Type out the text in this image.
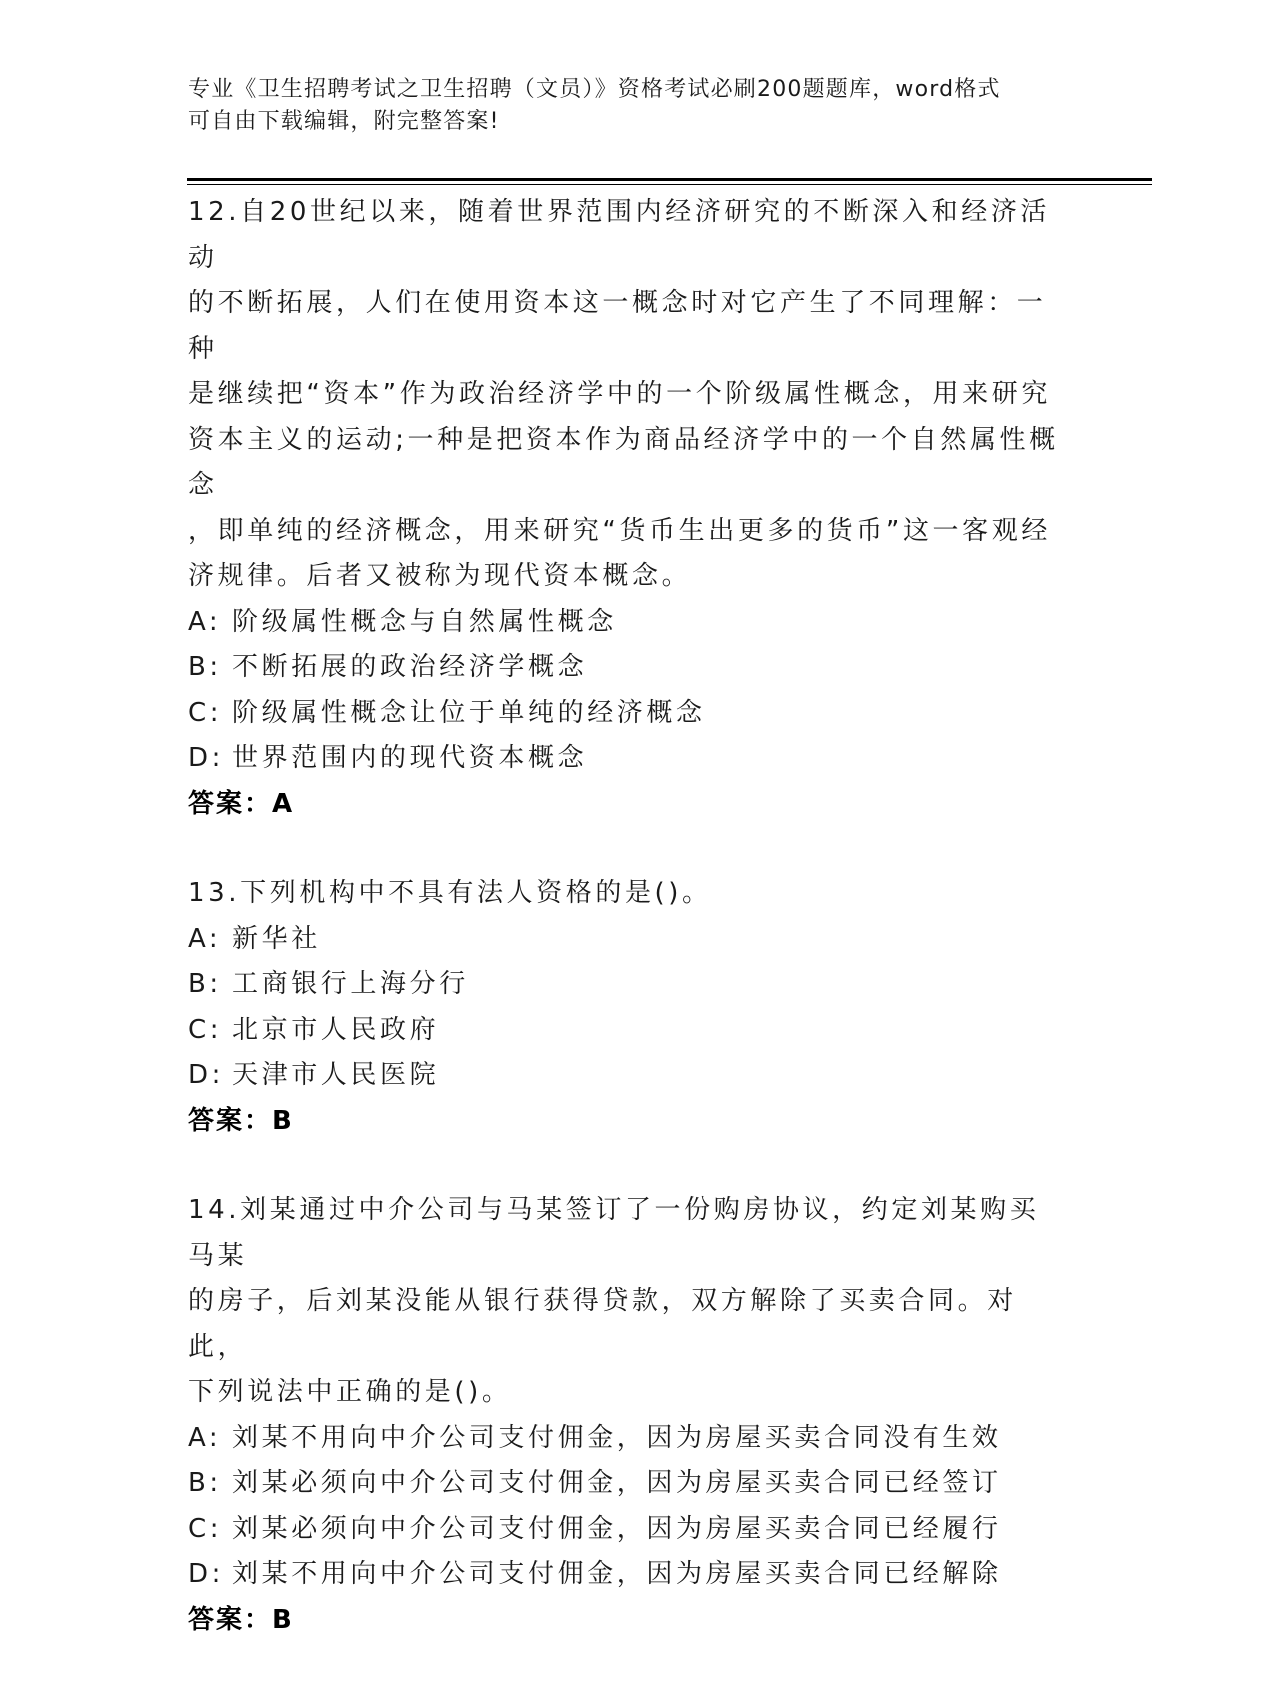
专业《卫生招聘考试之卫生招聘（文员）》资格考试必刷200题题库，word格式
可自由下载编辑，附完整答案!
12.自20世纪以来，随着世界范围内经济研究的不断深入和经济活动
的不断拓展，人们在使用资本这一概念时对它产生了不同理解：一种
是继续把“资本”作为政治经济学中的一个阶级属性概念，用来研究
资本主义的运动;一种是把资本作为商品经济学中的一个自然属性概念
，即单纯的经济概念，用来研究“货币生出更多的货币”这一客观经
济规律。后者又被称为现代资本概念。
A: 阶级属性概念与自然属性概念
B: 不断拓展的政治经济学概念
C: 阶级属性概念让位于单纯的经济概念
D: 世界范围内的现代资本概念
答案：A
13.下列机构中不具有法人资格的是()。
A: 新华社
B: 工商银行上海分行
C: 北京市人民政府
D: 天津市人民医院
答案：B
14.刘某通过中介公司与马某签订了一份购房协议，约定刘某购买马某
的房子，后刘某没能从银行获得贷款，双方解除了买卖合同。对此，
下列说法中正确的是()。
A: 刘某不用向中介公司支付佣金，因为房屋买卖合同没有生效
B: 刘某必须向中介公司支付佣金，因为房屋买卖合同已经签订
C: 刘某必须向中介公司支付佣金，因为房屋买卖合同已经履行
D: 刘某不用向中介公司支付佣金，因为房屋买卖合同已经解除
答案：B
